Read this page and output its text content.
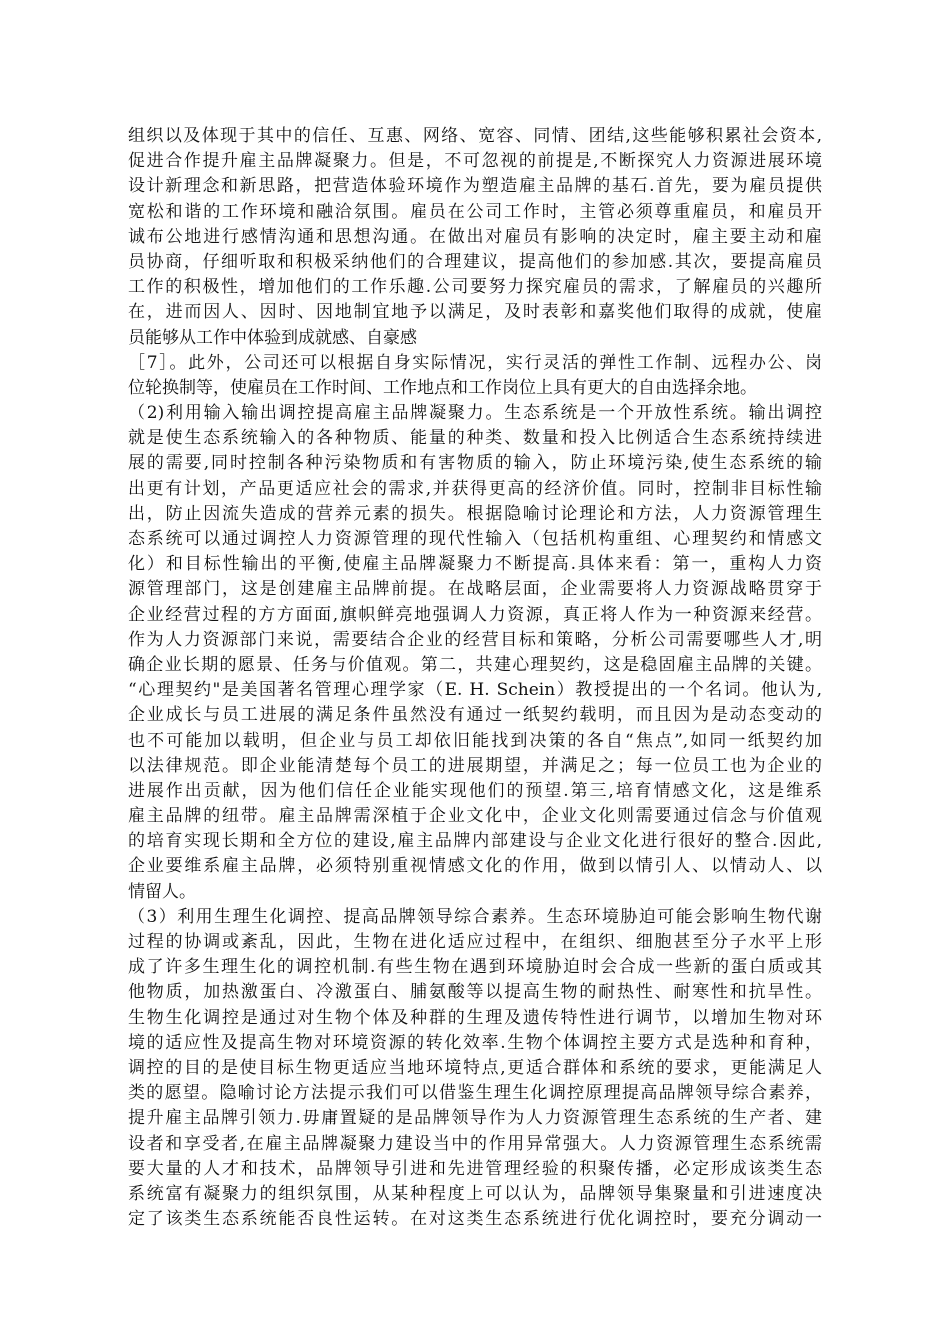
组织以及体现于其中的信任、互惠、网络、宽容、同情、团结,这些能够积累社会资本,
促进合作提升雇主品牌凝聚力。但是，不可忽视的前提是,不断探究人力资源进展环境
设计新理念和新思路，把营造体验环境作为塑造雇主品牌的基石.首先，要为雇员提供
宽松和谐的工作环境和融洽氛围。雇员在公司工作时，主管必须尊重雇员，和雇员开
诚布公地进行感情沟通和思想沟通。在做出对雇员有影响的决定时，雇主要主动和雇
员协商，仔细听取和积极采纳他们的合理建议，提高他们的参加感.其次，要提高雇员
工作的积极性，增加他们的工作乐趣.公司要努力探究雇员的需求，了解雇员的兴趣所
在，进而因人、因时、因地制宜地予以满足，及时表彰和嘉奖他们取得的成就，使雇
员能够从工作中体验到成就感、自豪感
［7］。此外，公司还可以根据自身实际情况，实行灵活的弹性工作制、远程办公、岗
位轮换制等，使雇员在工作时间、工作地点和工作岗位上具有更大的自由选择余地。
（2)利用输入输出调控提高雇主品牌凝聚力。生态系统是一个开放性系统。输出调控
就是使生态系统输入的各种物质、能量的种类、数量和投入比例适合生态系统持续进
展的需要,同时控制各种污染物质和有害物质的输入，防止环境污染,使生态系统的输
出更有计划，产品更适应社会的需求,并获得更高的经济价值。同时，控制非目标性输
出，防止因流失造成的营养元素的损失。根据隐喻讨论理论和方法，人力资源管理生
态系统可以通过调控人力资源管理的现代性输入（包括机构重组、心理契约和情感文
化）和目标性输出的平衡,使雇主品牌凝聚力不断提高.具体来看：第一，重构人力资
源管理部门，这是创建雇主品牌前提。在战略层面，企业需要将人力资源战略贯穿于
企业经营过程的方方面面,旗帜鲜亮地强调人力资源，真正将人作为一种资源来经营。
作为人力资源部门来说，需要结合企业的经营目标和策略，分析公司需要哪些人才,明
确企业长期的愿景、任务与价值观。第二，共建心理契约，这是稳固雇主品牌的关键。
“心理契约"是美国著名管理心理学家（E. H. Schein）教授提出的一个名词。他认为,
企业成长与员工进展的满足条件虽然没有通过一纸契约载明，而且因为是动态变动的
也不可能加以载明，但企业与员工却依旧能找到决策的各自“焦点”,如同一纸契约加
以法律规范。即企业能清楚每个员工的进展期望，并满足之；每一位员工也为企业的
进展作出贡献，因为他们信任企业能实现他们的预望.第三,培育情感文化，这是维系
雇主品牌的纽带。雇主品牌需深植于企业文化中，企业文化则需要通过信念与价值观
的培育实现长期和全方位的建设,雇主品牌内部建设与企业文化进行很好的整合.因此,
企业要维系雇主品牌，必须特别重视情感文化的作用，做到以情引人、以情动人、以
情留人。
（3）利用生理生化调控、提高品牌领导综合素养。生态环境胁迫可能会影响生物代谢
过程的协调或紊乱，因此，生物在进化适应过程中，在组织、细胞甚至分子水平上形
成了许多生理生化的调控机制.有些生物在遇到环境胁迫时会合成一些新的蛋白质或其
他物质，加热激蛋白、冷激蛋白、脯氨酸等以提高生物的耐热性、耐寒性和抗旱性。
生物生化调控是通过对生物个体及种群的生理及遗传特性进行调节，以增加生物对环
境的适应性及提高生物对环境资源的转化效率.生物个体调控主要方式是选种和育种，
调控的目的是使目标生物更适应当地环境特点,更适合群体和系统的要求，更能满足人
类的愿望。隐喻讨论方法提示我们可以借鉴生理生化调控原理提高品牌领导综合素养，
提升雇主品牌引领力.毋庸置疑的是品牌领导作为人力资源管理生态系统的生产者、建
设者和享受者,在雇主品牌凝聚力建设当中的作用异常强大。人力资源管理生态系统需
要大量的人才和技术，品牌领导引进和先进管理经验的积聚传播，必定形成该类生态
系统富有凝聚力的组织氛围，从某种程度上可以认为，品牌领导集聚量和引进速度决
定了该类生态系统能否良性运转。在对这类生态系统进行优化调控时，要充分调动一
